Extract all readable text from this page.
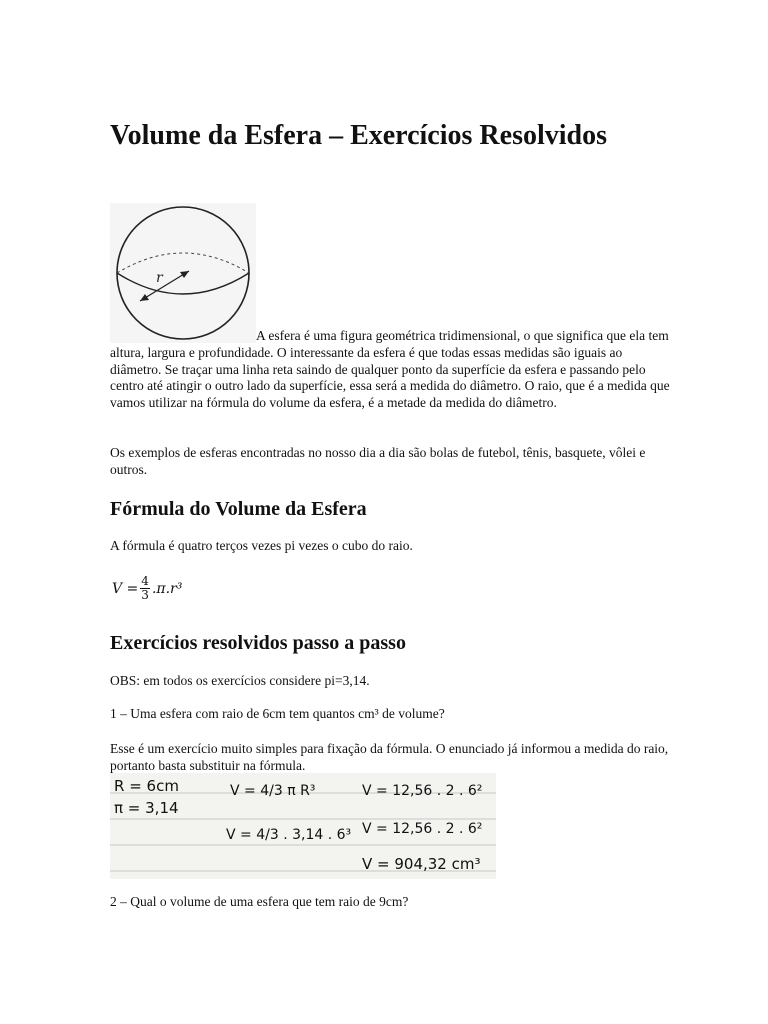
Volume da Esfera – Exercícios Resolvidos
r

A esfera é uma figura geométrica tridimensional, o que significa que ela tem altura, largura e profundidade. O interessante da esfera é que todas essas medidas são iguais ao diâmetro. Se traçar uma linha reta saindo de qualquer ponto da superfície da esfera e passando pelo centro até atingir o outro lado da superfície, essa será a medida do diâmetro. O raio, que é a medida que vamos utilizar na fórmula do volume da esfera, é a metade da medida do diâmetro.

Os exemplos de esferas encontradas no nosso dia a dia são bolas de futebol, tênis, basquete, vôlei e outros.

Fórmula do Volume da Esfera

A fórmula é quatro terços vezes pi vezes o cubo do raio.

$V = \frac{4}{3} .\pi.r^3$
Exercícios resolvidos passo a passo

OBS: em todos os exercícios considere pi=3,14.

1 – Uma esfera com raio de 6cm tem quantos cm³ de volume?

Esse é um exercício muito simples para fixação da fórmula. O enunciado já informou a medida do raio, portanto basta substituir na fórmula.

R = 6cm
π = 3,14
V = 4/3 π R³
V = 4/3 . 3,14 . 6³
V = 12,56 . 2 . 6²
V = 12,56 . 2 . 6²
V = 904,32 cm³

2 – Qual o volume de uma esfera que tem raio de 9cm?
